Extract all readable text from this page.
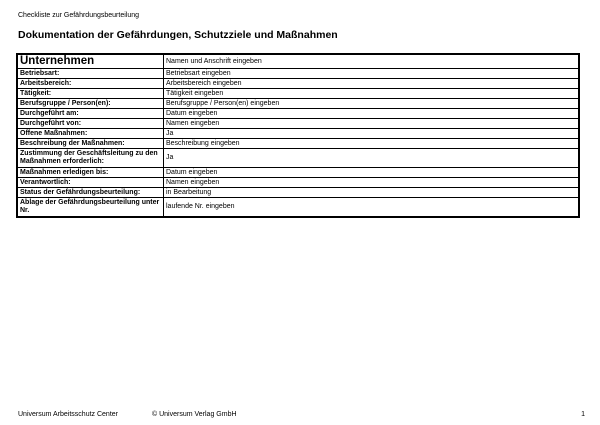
Checkliste zur Gefährdungsbeurteilung
Dokumentation der Gefährdungen, Schutzziele und Maßnahmen
Unternehmen	Namen und Anschrift eingeben
Betriebsart:	Betriebsart eingeben
Arbeitsbereich:	Arbeitsbereich eingeben
Tätigkeit:	Tätigkeit eingeben
Berufsgruppe / Person(en):	Berufsgruppe / Person(en) eingeben
Durchgeführt am:	Datum eingeben
Durchgeführt von:	Namen eingeben
Offene Maßnahmen:	Ja
Beschreibung der Maßnahmen:	Beschreibung eingeben
Zustimmung der Geschäftsleitung zu den Maßnahmen erforderlich:	Ja
Maßnahmen erledigen bis:	Datum eingeben
Verantwortlich:	Namen eingeben
Status der Gefährdungsbeurteilung:	in Bearbeitung
Ablage der Gefährdungsbeurteilung unter Nr.	laufende Nr. eingeben
Universum Arbeitsschutz Center	© Universum Verlag GmbH	1
